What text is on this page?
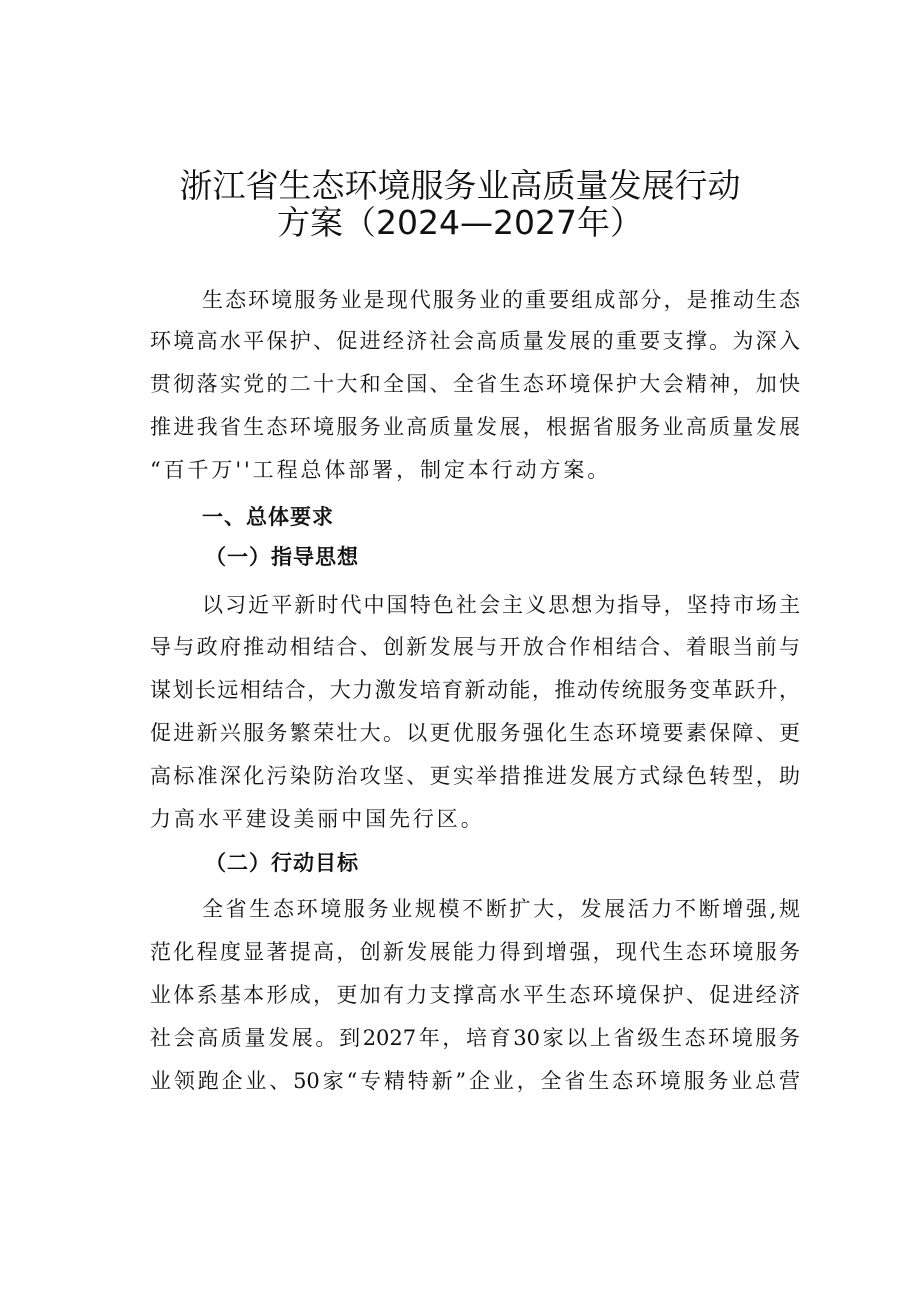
浙江省生态环境服务业高质量发展行动
方案（2024—2027年）
生态环境服务业是现代服务业的重要组成部分，是推动生态
环境高水平保护、促进经济社会高质量发展的重要支撑。为深入
贯彻落实党的二十大和全国、全省生态环境保护大会精神，加快
推进我省生态环境服务业高质量发展，根据省服务业高质量发展
“百千万''工程总体部署，制定本行动方案。
一、总体要求
（一）指导思想
以习近平新时代中国特色社会主义思想为指导，坚持市场主
导与政府推动相结合、创新发展与开放合作相结合、着眼当前与
谋划长远相结合，大力激发培育新动能，推动传统服务变革跃升，
促进新兴服务繁荣壮大。以更优服务强化生态环境要素保障、更
高标准深化污染防治攻坚、更实举措推进发展方式绿色转型，助
力高水平建设美丽中国先行区。
（二）行动目标
全省生态环境服务业规模不断扩大，发展活力不断增强,规
范化程度显著提高，创新发展能力得到增强，现代生态环境服务
业体系基本形成，更加有力支撑高水平生态环境保护、促进经济
社会高质量发展。到2027年，培育30家以上省级生态环境服务
业领跑企业、50家“专精特新”企业，全省生态环境服务业总营
